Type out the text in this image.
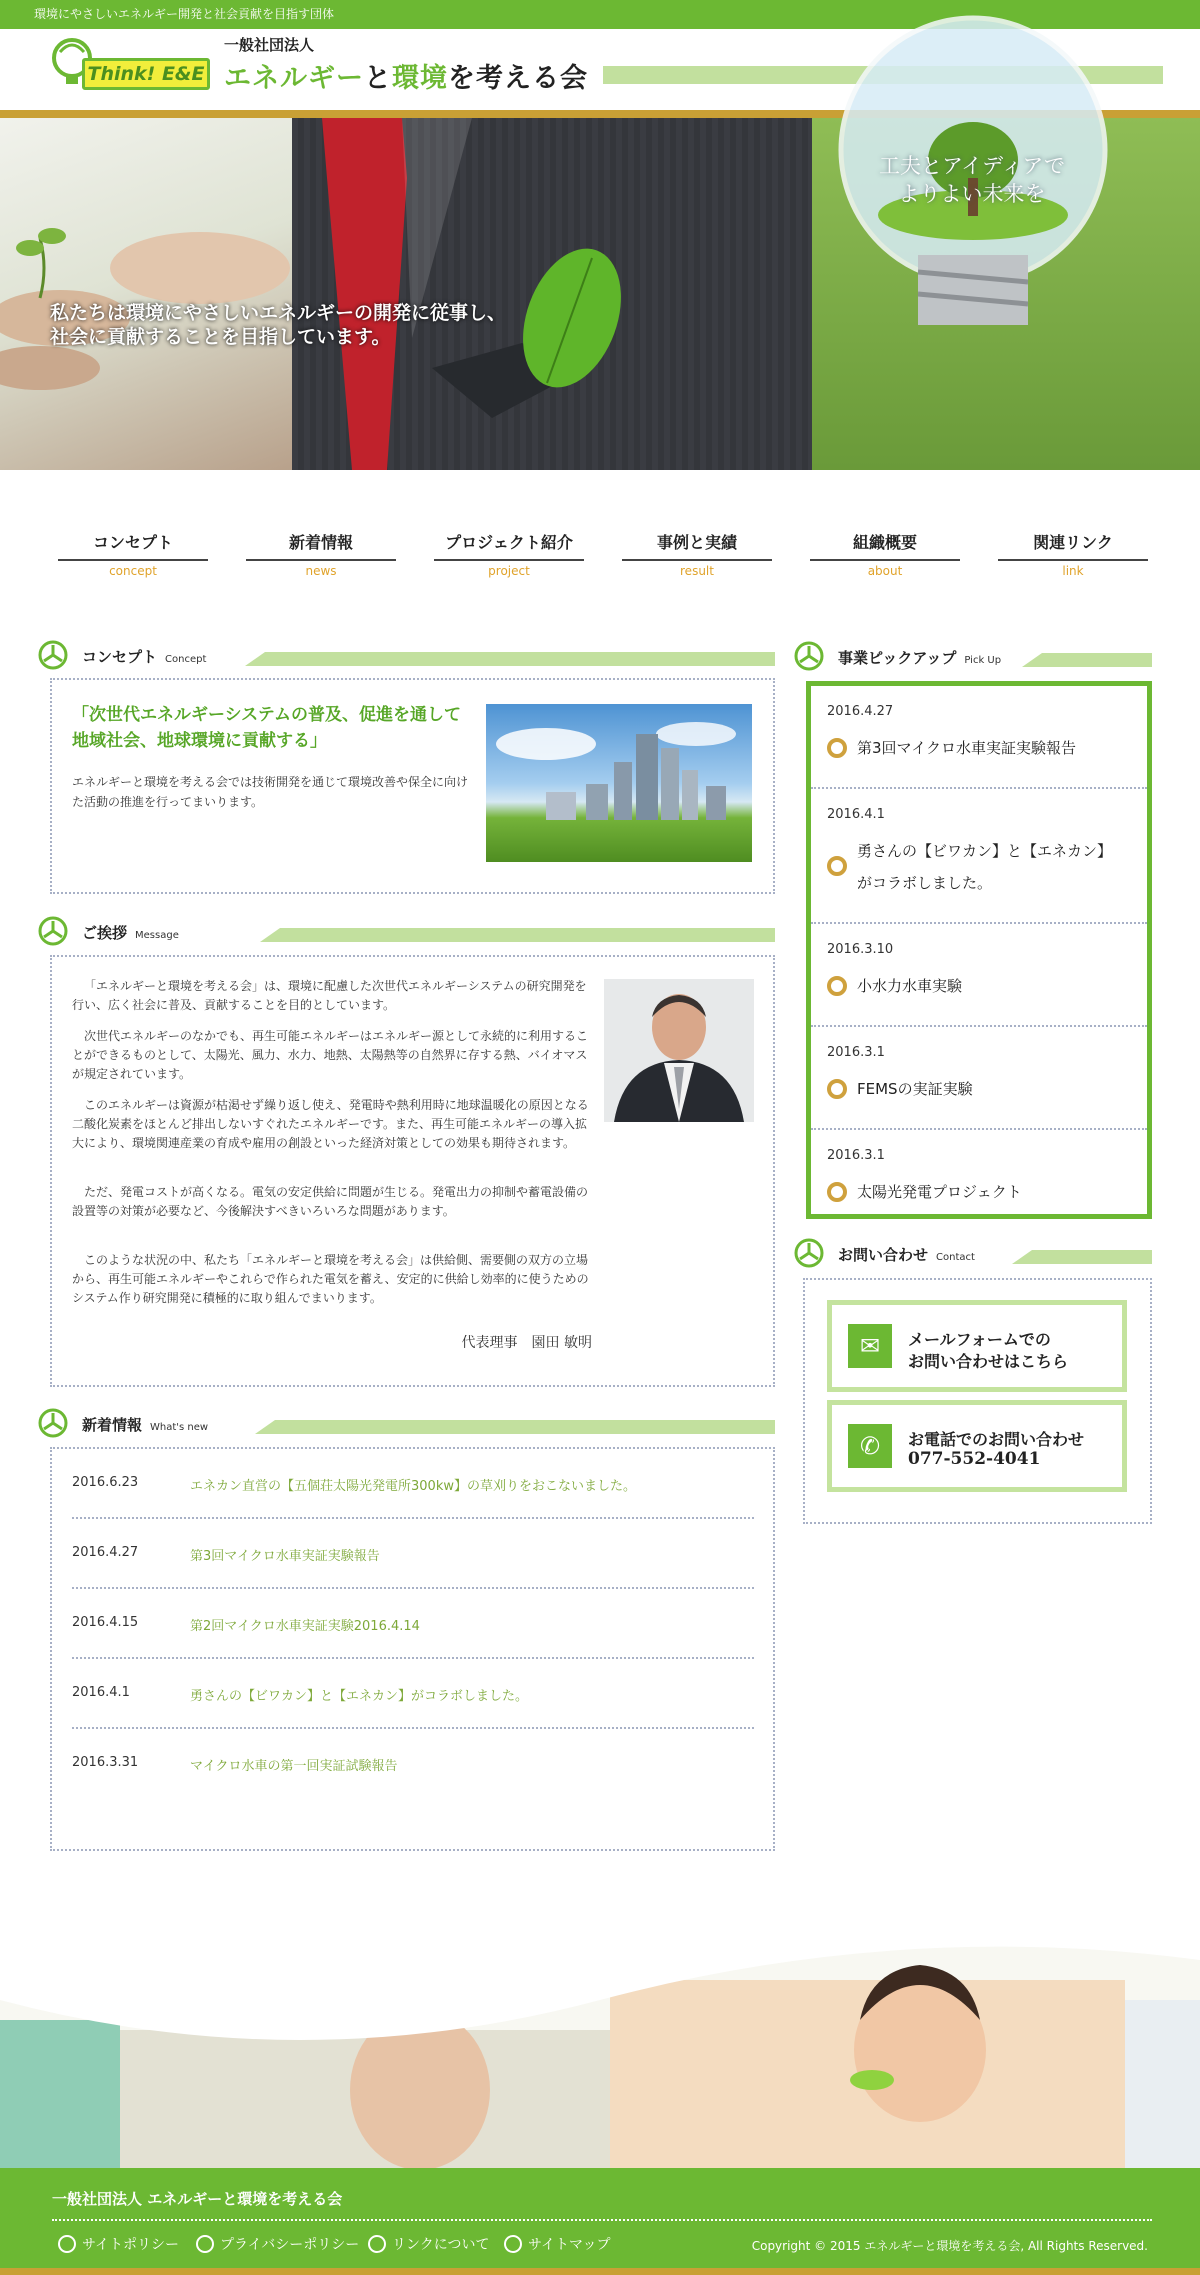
環境にやさしいエネルギー開発と社会貢献を目指す団体
Think! E&E
一般社団法人
エネルギーと環境を考える会
工夫とアイディアで
よりよい未来を
私たちは環境にやさしいエネルギーの開発に従事し、
社会に貢献することを目指しています。
コンセプト
concept
新着情報
news
プロジェクト紹介
project
事例と実績
result
組織概要
about
関連リンク
link
コンセプト Concept
「次世代エネルギーシステムの普及、促進を通して地域社会、地球環境に貢献する」
エネルギーと環境を考える会では技術開発を通じて環境改善や保全に向けた活動の推進を行ってまいります。
ご挨拶 Message

「エネルギーと環境を考える会」は、環境に配慮した次世代エネルギーシステムの研究開発を行い、広く社会に普及、貢献することを目的としています。

次世代エネルギーのなかでも、再生可能エネルギーはエネルギー源として永続的に利用することができるものとして、太陽光、風力、水力、地熱、太陽熱等の自然界に存する熱、バイオマスが規定されています。

このエネルギーは資源が枯渇せず繰り返し使え、発電時や熱利用時に地球温暖化の原因となる二酸化炭素をほとんど排出しないすぐれたエネルギーです。また、再生可能エネルギーの導入拡大により、環境関連産業の育成や雇用の創設といった経済対策としての効果も期待されます。

ただ、発電コストが高くなる。電気の安定供給に問題が生じる。発電出力の抑制や蓄電設備の設置等の対策が必要など、今後解決すべきいろいろな問題があります。

このような状況の中、私たち「エネルギーと環境を考える会」は供給側、需要側の双方の立場から、再生可能エネルギーやこれらで作られた電気を蓄え、安定的に供給し効率的に使うためのシステム作り研究開発に積極的に取り組んでまいります。

代表理事　園田 敏明
新着情報 What's new
2016.6.23	エネカン直営の【五個荘太陽光発電所300kw】の草刈りをおこないました。
2016.4.27	第3回マイクロ水車実証実験報告
2016.4.15	第2回マイクロ水車実証実験2016.4.14
2016.4.1	勇さんの【ビワカン】と【エネカン】がコラボしました。
2016.3.31	マイクロ水車の第一回実証試験報告
事業ピックアップ Pick Up
2016.4.27
第3回マイクロ水車実証実験報告
2016.4.1
勇さんの【ビワカン】と【エネカン】
がコラボしました。
2016.3.10
小水力水車実験
2016.3.1
FEMSの実証実験
2016.3.1
太陽光発電プロジェクト
お問い合わせ Contact
✉	メールフォームでの
お問い合わせはこちら
✆	お電話でのお問い合わせ
077-552-4041
一般社団法人 エネルギーと環境を考える会
サイトポリシー	プライバシーポリシー	リンクについて	サイトマップ	Copyright © 2015 エネルギーと環境を考える会, All Rights Reserved.
